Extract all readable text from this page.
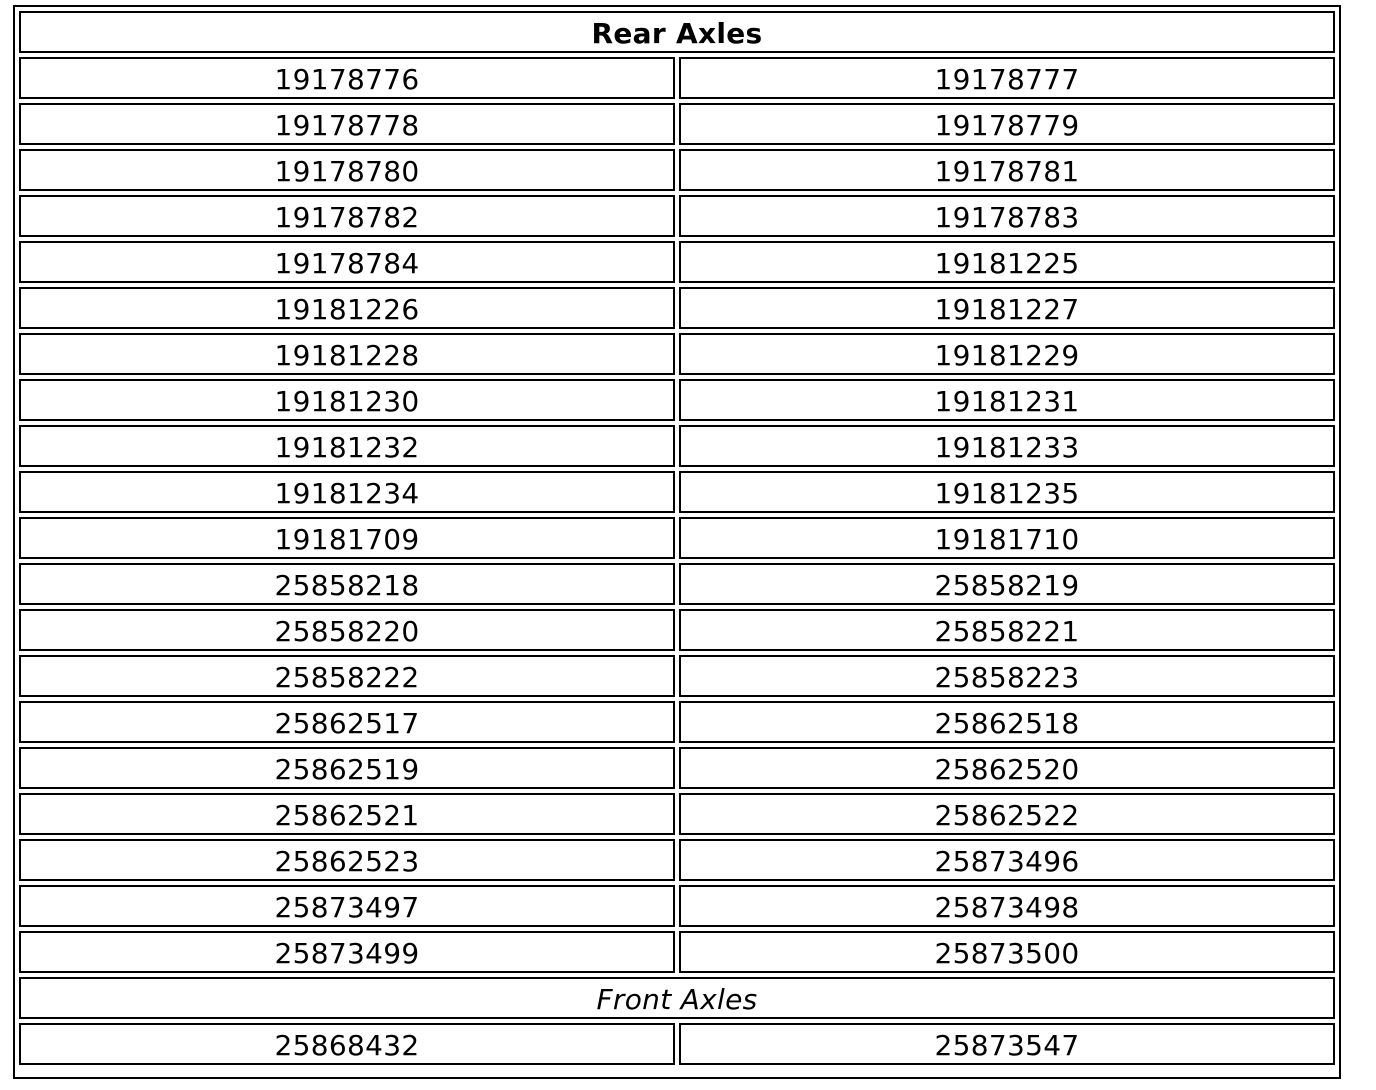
Rear Axles
19178776	19178777
19178778	19178779
19178780	19178781
19178782	19178783
19178784	19181225
19181226	19181227
19181228	19181229
19181230	19181231
19181232	19181233
19181234	19181235
19181709	19181710
25858218	25858219
25858220	25858221
25858222	25858223
25862517	25862518
25862519	25862520
25862521	25862522
25862523	25873496
25873497	25873498
25873499	25873500
Front Axles
25868432	25873547
